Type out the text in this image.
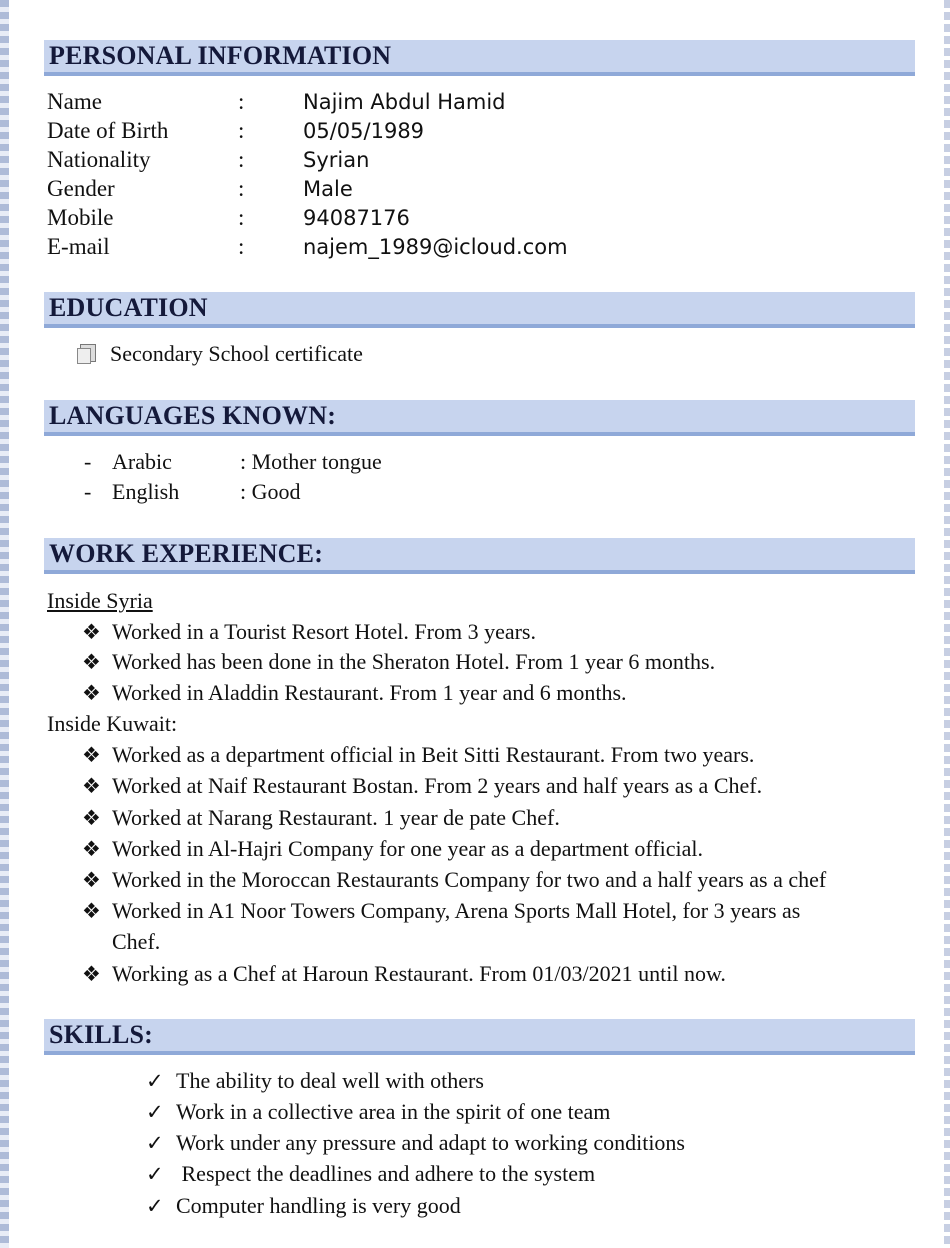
PERSONAL INFORMATION
Name	:	Najim Abdul Hamid
Date of Birth	:	05/05/1989
Nationality	:	Syrian
Gender	:	Male
Mobile	:	94087176
E-mail	:	najem_1989@icloud.com
EDUCATION
Secondary School certificate
LANGUAGES KNOWN:
- Arabic	: Mother tongue
- English	: Good
WORK EXPERIENCE:
Inside Syria
❖ Worked in a Tourist Resort Hotel. From 3 years.
❖ Worked has been done in the Sheraton Hotel. From 1 year 6 months.
❖ Worked in Aladdin Restaurant. From 1 year and 6 months.
Inside Kuwait:
❖ Worked as a department official in Beit Sitti Restaurant. From two years.
❖ Worked at Naif Restaurant Bostan. From 2 years and half years as a Chef.
❖ Worked at Narang Restaurant. 1 year de pate Chef.
❖ Worked in Al-Hajri Company for one year as a department official.
❖ Worked in the Moroccan Restaurants Company for two and a half years as a chef
❖ Worked in A1 Noor Towers Company, Arena Sports Mall Hotel, for 3 years as
Chef.
❖ Working as a Chef at Haroun Restaurant. From 01/03/2021 until now.
SKILLS:
✓ The ability to deal well with others
✓ Work in a collective area in the spirit of one team
✓ Work under any pressure and adapt to working conditions
✓ Respect the deadlines and adhere to the system
✓ Computer handling is very good
